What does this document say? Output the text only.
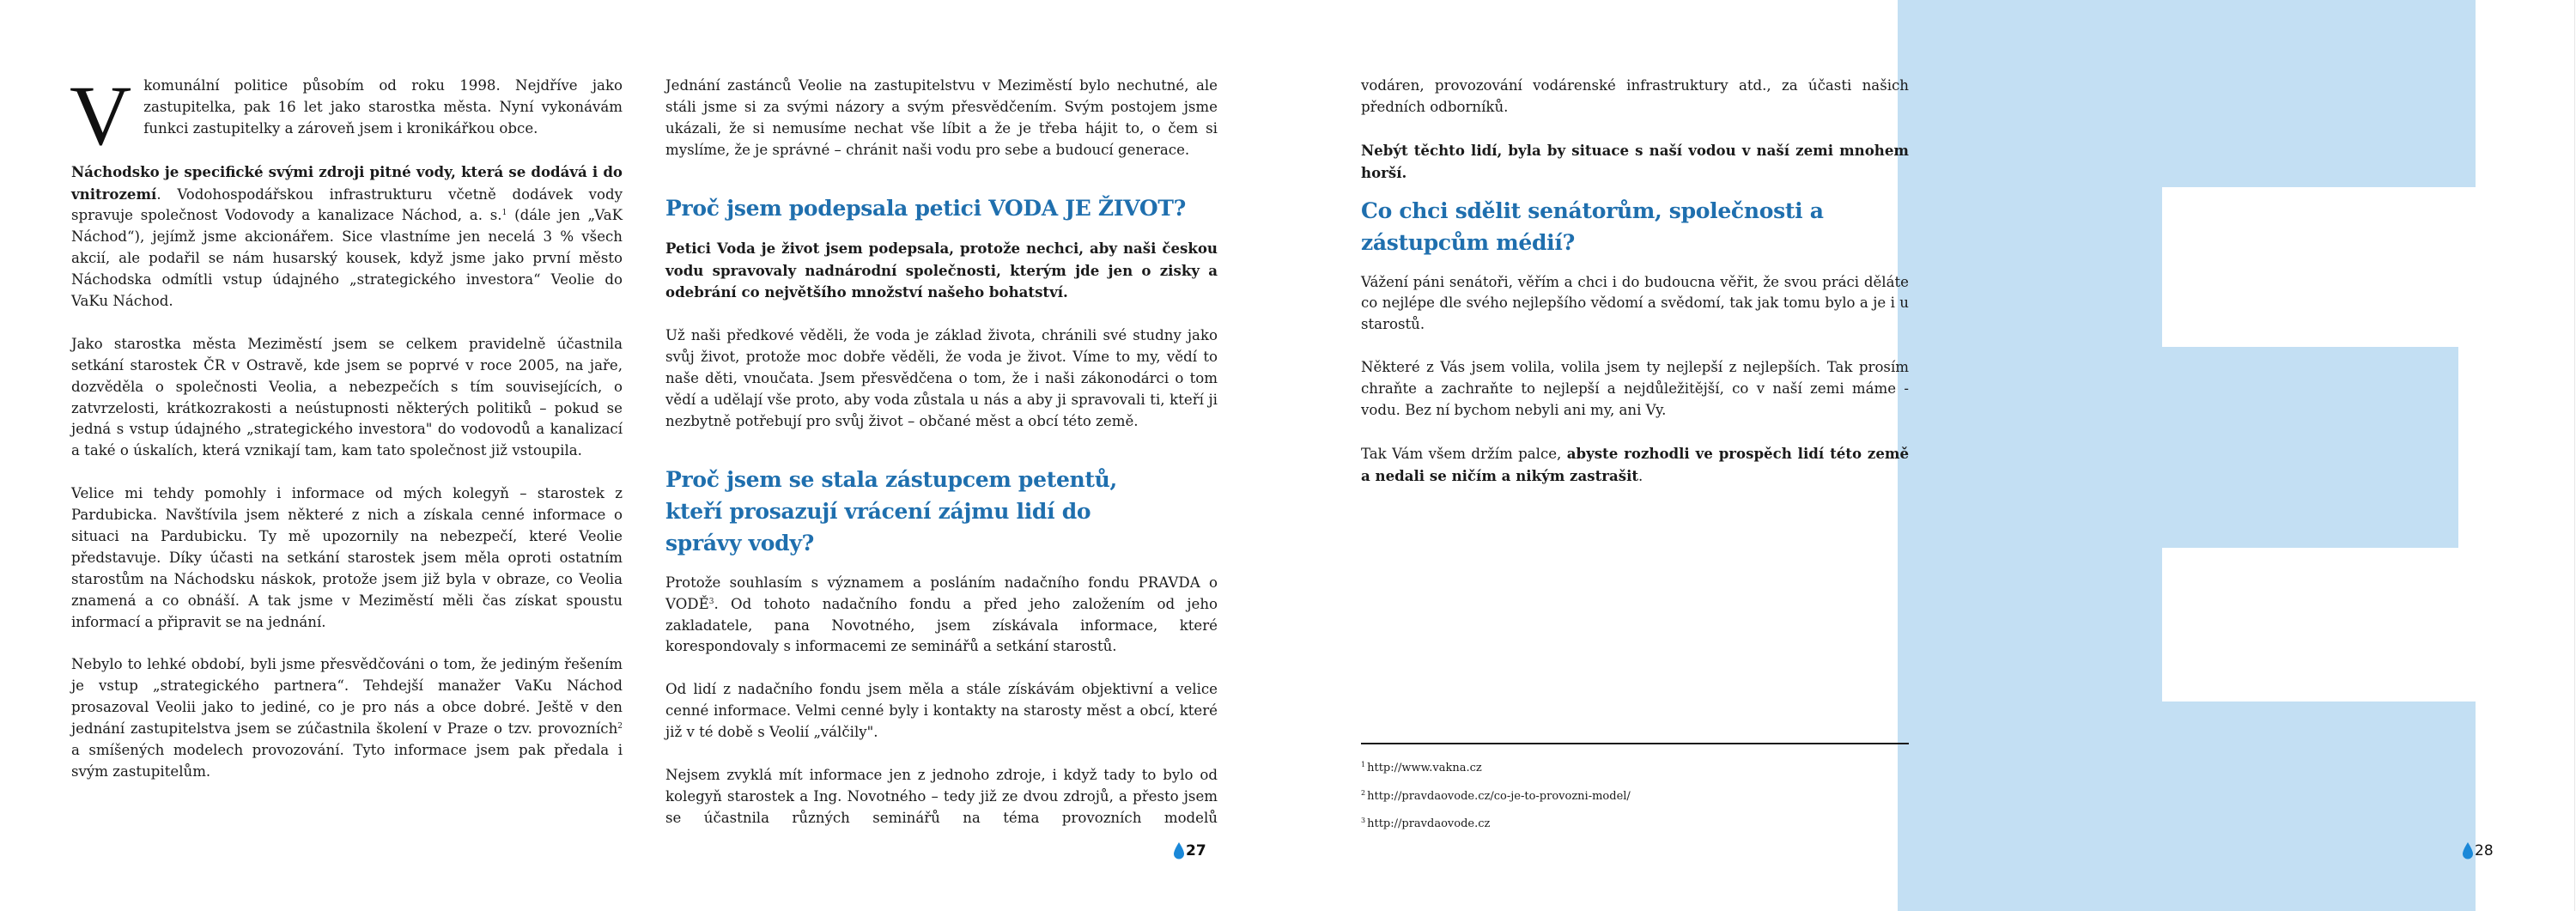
V komunální politice působím od roku 1998. Nejdříve jako zastupitelka, pak 16 let jako starostka města. Nyní vykonávám funkci zastupitelky a zároveň jsem i kronikářkou obce.

Náchodsko je specifické svými zdroji pitné vody, která se dodává i do vnitrozemí. Vodohospodářskou infrastrukturu včetně dodávek vody spravuje společnost Vodovody a kanalizace Náchod, a. s.$^1$ (dále jen „VaK Náchod“), jejímž jsme akcionářem. Sice vlastníme jen necelá 3 % všech akcií, ale podařil se nám husarský kousek, když jsme jako první město Náchodska odmítli vstup údajného „strategického investora“ Veolie do VaKu Náchod.

Jako starostka města Meziměstí jsem se celkem pravidelně účastnila setkání starostek ČR v Ostravě, kde jsem se poprvé v roce 2005, na jaře, dozvěděla o společnosti Veolia, a nebezpečích s tím souvisejících, o zatvrzelosti, krátkozrakosti a neústupnosti některých politiků – pokud se jedná s vstup údajného „strategického investora" do vodovodů a kanalizací a také o úskalích, která vznikají tam, kam tato společnost již vstoupila.

Velice mi tehdy pomohly i informace od mých kolegyň – starostek z Pardubicka. Navštívila jsem některé z nich a získala cenné informace o situaci na Pardubicku. Ty mě upozornily na nebezpečí, které Veolie představuje. Díky účasti na setkání starostek jsem měla oproti ostatním starostům na Náchodsku náskok, protože jsem již byla v obraze, co Veolia znamená a co obnáší. A tak jsme v Meziměstí měli čas získat spoustu informací a připravit se na jednání.

Nebylo to lehké období, byli jsme přesvědčováni o tom, že jediným řešením je vstup „strategického partnera“. Tehdejší manažer VaKu Náchod prosazoval Veolii jako to jediné, co je pro nás a obce dobré. Ještě v den jednání zastupitelstva jsem se zúčastnila školení v Praze o tzv. provozních$^2$ a smíšených modelech provozování. Tyto informace jsem pak předala i svým zastupitelům.

Jednání zastánců Veolie na zastupitelstvu v Meziměstí bylo nechutné, ale stáli jsme si za svými názory a svým přesvědčením. Svým postojem jsme ukázali, že si nemusíme nechat vše líbit a že je třeba hájit to, o čem si myslíme, že je správné – chránit naši vodu pro sebe a budoucí generace.

Proč jsem podepsala petici VODA JE ŽIVOT?

Petici Voda je život jsem podepsala, protože nechci, aby naši českou vodu spravovaly nadnárodní společnosti, kterým jde jen o zisky a odebrání co největšího množství našeho bohatství.

Už naši předkové věděli, že voda je základ života, chránili své studny jako svůj život, protože moc dobře věděli, že voda je život. Víme to my, vědí to naše děti, vnoučata. Jsem přesvědčena o tom, že i naši zákonodárci o tom vědí a udělají vše proto, aby voda zůstala u nás a aby ji spravovali ti, kteří ji nezbytně potřebují pro svůj život – občané měst a obcí této země.

Proč jsem se stala zástupcem petentů, kteří prosazují vrácení zájmu lidí do správy vody?

Protože souhlasím s významem a posláním nadačního fondu PRAVDA o VODĚ$^3$. Od tohoto nadačního fondu a před jeho založením od jeho zakladatele, pana Novotného, jsem získávala informace, které korespondovaly s informacemi ze seminářů a setkání starostů.

Od lidí z nadačního fondu jsem měla a stále získávám objektivní a velice cenné informace. Velmi cenné byly i kontakty na starosty měst a obcí, které již v té době s Veolií „válčily".

Nejsem zvyklá mít informace jen z jednoho zdroje, i když tady to bylo od kolegyň starostek a Ing. Novotného – tedy již ze dvou zdrojů, a přesto jsem se účastnila různých seminářů na téma provozních modelů

vodáren, provozování vodárenské infrastruktury atd., za účasti našich předních odborníků.

Nebýt těchto lidí, byla by situace s naší vodou v naší zemi mnohem horší.

Co chci sdělit senátorům, společnosti a zástupcům médií?

Vážení páni senátoři, věřím a chci i do budoucna věřit, že svou práci děláte co nejlépe dle svého nejlepšího vědomí a svědomí, tak jak tomu bylo a je i u starostů.

Některé z Vás jsem volila, volila jsem ty nejlepší z nejlepších. Tak prosím chraňte a zachraňte to nejlepší a nejdůležitější, co v naší zemi máme - vodu. Bez ní bychom nebyli ani my, ani Vy.

Tak Vám všem držím palce, abyste rozhodli ve prospěch lidí této země a nedali se ničím a nikým zastrašit.

$^1$ http://www.vakna.cz
$^2$ http://pravdaovode.cz/co-je-to-provozni-model/
$^3$ http://pravdaovode.cz
27	28
